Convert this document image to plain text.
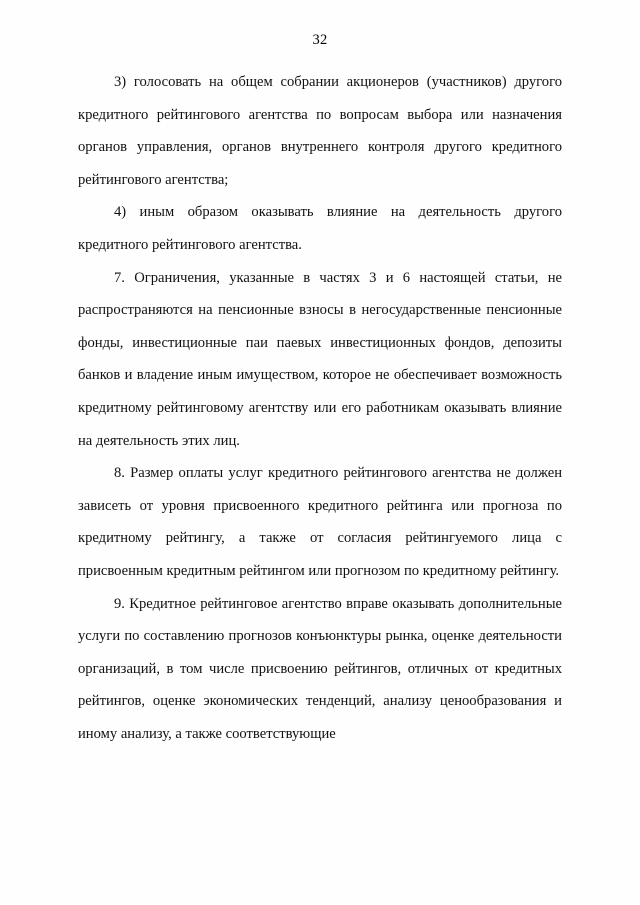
32

3) голосовать на общем собрании акционеров (участников) другого кредитного рейтингового агентства по вопросам выбора или назначения органов управления, органов внутреннего контроля другого кредитного рейтингового агентства;

4) иным образом оказывать влияние на деятельность другого кредитного рейтингового агентства.

7. Ограничения, указанные в частях 3 и 6 настоящей статьи, не распространяются на пенсионные взносы в негосударственные пенсионные фонды, инвестиционные паи паевых инвестиционных фондов, депозиты банков и владение иным имуществом, которое не обеспечивает возможность кредитному рейтинговому агентству или его работникам оказывать влияние на деятельность этих лиц.

8. Размер оплаты услуг кредитного рейтингового агентства не должен зависеть от уровня присвоенного кредитного рейтинга или прогноза по кредитному рейтингу, а также от согласия рейтингуемого лица с присвоенным кредитным рейтингом или прогнозом по кредитному рейтингу.

9. Кредитное рейтинговое агентство вправе оказывать дополнительные услуги по составлению прогнозов конъюнктуры рынка, оценке деятельности организаций, в том числе присвоению рейтингов, отличных от кредитных рейтингов, оценке экономических тенденций, анализу ценообразования и иному анализу, а также соответствующие
